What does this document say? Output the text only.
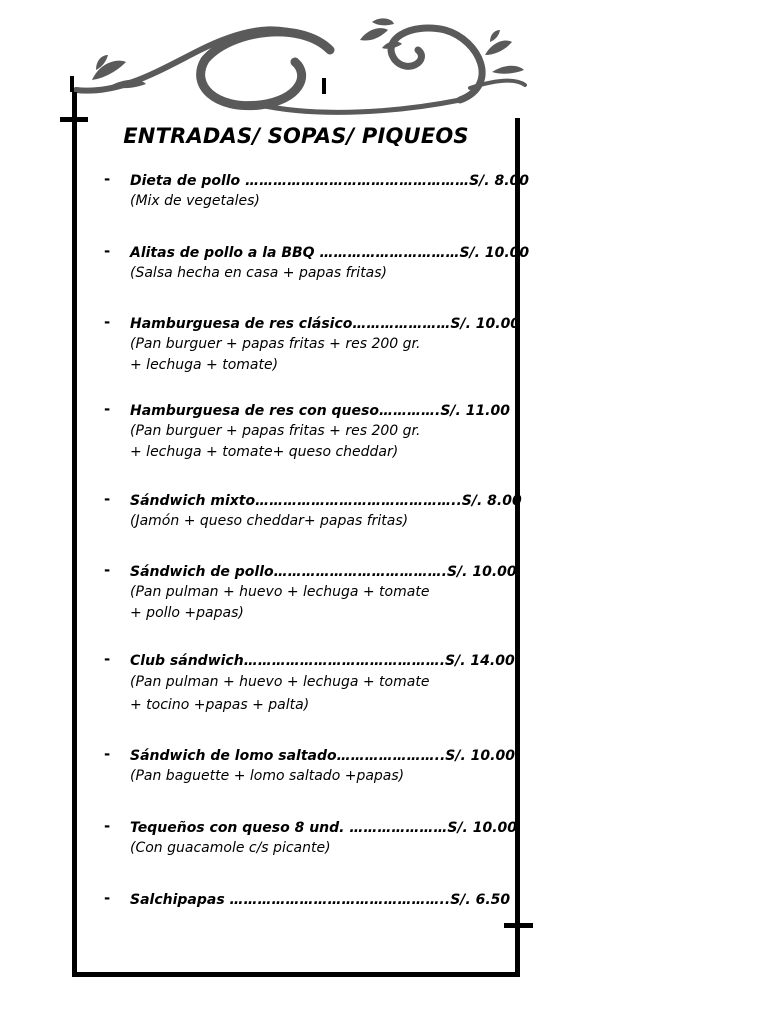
ENTRADAS/ SOPAS/ PIQUEOS
- Dieta de pollo …………………………………………S/. 8.00
(Mix de vegetales)
- Alitas de pollo a la BBQ …………………………S/. 10.00
(Salsa hecha en casa + papas fritas)
- Hamburguesa de res clásico…………………S/. 10.00
(Pan burguer + papas fritas + res 200 gr.
+ lechuga + tomate)
- Hamburguesa de res con queso………….S/. 11.00
(Pan burguer + papas fritas + res 200 gr.
+ lechuga + tomate+ queso cheddar)
- Sándwich mixto……………………………………..S/. 8.00
(Jamón + queso cheddar+ papas fritas)
- Sándwich de pollo……………………………….S/. 10.00
(Pan pulman + huevo + lechuga + tomate
+ pollo +papas)
- Club sándwich…………………………………….S/. 14.00
(Pan pulman + huevo + lechuga + tomate
+ tocino +papas + palta)
- Sándwich de lomo saltado…………………..S/. 10.00
(Pan baguette + lomo saltado +papas)
- Tequeños con queso 8 und. …………………S/. 10.00
(Con guacamole c/s picante)
- Salchipapas ………………………………………..S/. 6.50
